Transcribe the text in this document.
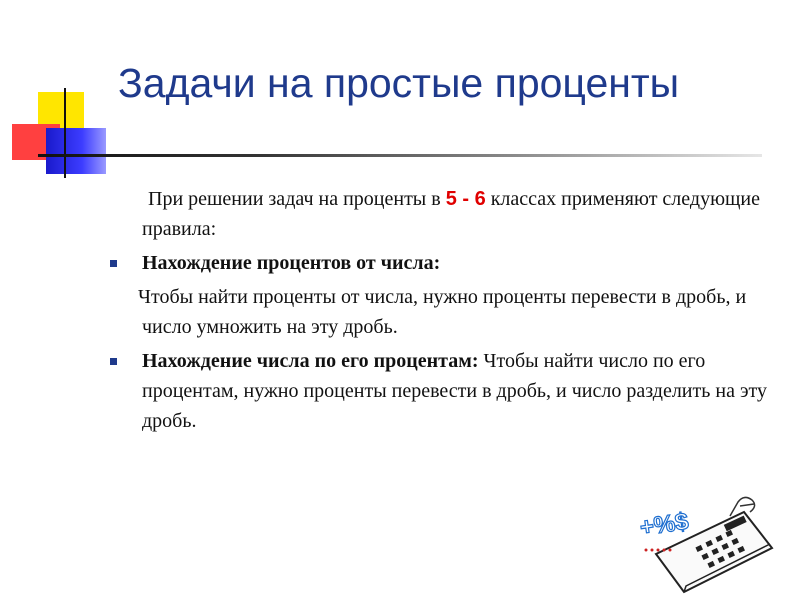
Задачи на простые проценты

При решении задач на проценты в 5 - 6 классах применяют следующие правила:

Нахождение процентов от числа:

Чтобы найти проценты от числа, нужно проценты перевести в дробь, и число умножить на эту дробь.

Нахождение числа по его процентам: Чтобы найти число по его процентам, нужно проценты перевести в дробь, и число разделить на эту дробь.

+%$
